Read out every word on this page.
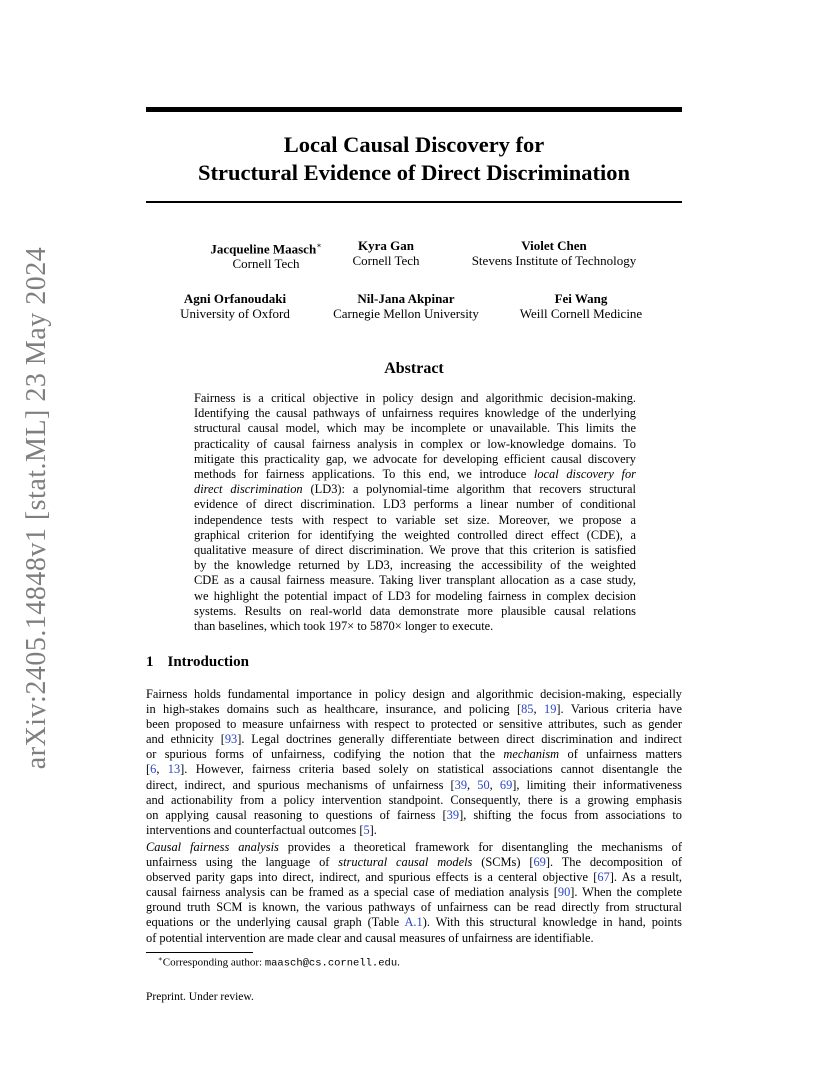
arXiv:2405.14848v1 [stat.ML] 23 May 2024
Local Causal Discovery for
Structural Evidence of Direct Discrimination
Jacqueline Maasch∗
Cornell Tech
Kyra Gan
Cornell Tech
Violet Chen
Stevens Institute of Technology
Agni Orfanoudaki
University of Oxford
Nil-Jana Akpinar
Carnegie Mellon University
Fei Wang
Weill Cornell Medicine
Abstract
Fairness is a critical objective in policy design and algorithmic decision-making.
Identifying the causal pathways of unfairness requires knowledge of the underlying
structural causal model, which may be incomplete or unavailable. This limits the
practicality of causal fairness analysis in complex or low-knowledge domains. To
mitigate this practicality gap, we advocate for developing efficient causal discovery
methods for fairness applications. To this end, we introduce local discovery for
direct discrimination (LD3): a polynomial-time algorithm that recovers structural
evidence of direct discrimination. LD3 performs a linear number of conditional
independence tests with respect to variable set size. Moreover, we propose a
graphical criterion for identifying the weighted controlled direct effect (CDE), a
qualitative measure of direct discrimination. We prove that this criterion is satisfied
by the knowledge returned by LD3, increasing the accessibility of the weighted
CDE as a causal fairness measure. Taking liver transplant allocation as a case study,
we highlight the potential impact of LD3 for modeling fairness in complex decision
systems. Results on real-world data demonstrate more plausible causal relations
than baselines, which took 197× to 5870× longer to execute.
1 Introduction
Fairness holds fundamental importance in policy design and algorithmic decision-making, especially
in high-stakes domains such as healthcare, insurance, and policing [85, 19]. Various criteria have
been proposed to measure unfairness with respect to protected or sensitive attributes, such as gender
and ethnicity [93]. Legal doctrines generally differentiate between direct discrimination and indirect
or spurious forms of unfairness, codifying the notion that the mechanism of unfairness matters
[6, 13]. However, fairness criteria based solely on statistical associations cannot disentangle the
direct, indirect, and spurious mechanisms of unfairness [39, 50, 69], limiting their informativeness
and actionability from a policy intervention standpoint. Consequently, there is a growing emphasis
on applying causal reasoning to questions of fairness [39], shifting the focus from associations to
interventions and counterfactual outcomes [5].
Causal fairness analysis provides a theoretical framework for disentangling the mechanisms of
unfairness using the language of structural causal models (SCMs) [69]. The decomposition of
observed parity gaps into direct, indirect, and spurious effects is a centeral objective [67]. As a result,
causal fairness analysis can be framed as a special case of mediation analysis [90]. When the complete
ground truth SCM is known, the various pathways of unfairness can be read directly from structural
equations or the underlying causal graph (Table A.1). With this structural knowledge in hand, points
of potential intervention are made clear and causal measures of unfairness are identifiable.
∗Corresponding author: maasch@cs.cornell.edu.
Preprint. Under review.
